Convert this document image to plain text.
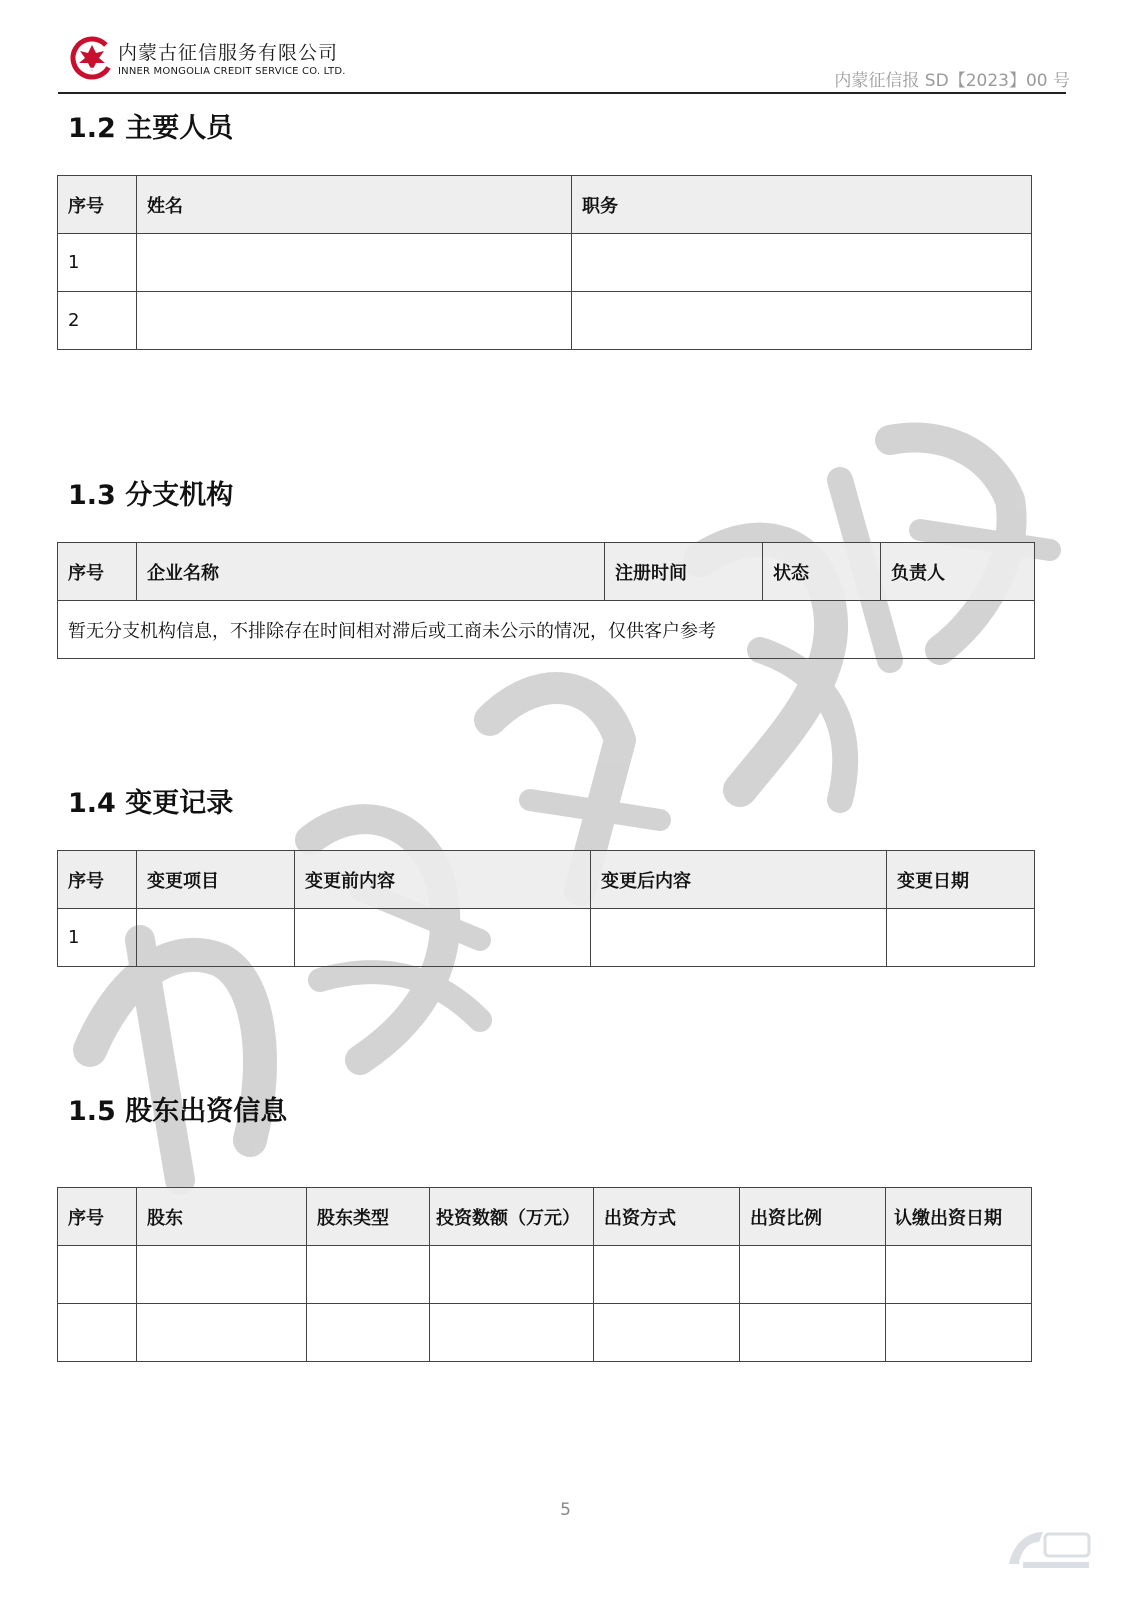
内蒙古征信服务有限公司
INNER MONGOLIA CREDIT SERVICE CO. LTD.	内蒙征信报 SD【2023】00 号
1.2 主要人员
序号	姓名	职务
1		
2		
1.3 分支机构
序号	企业名称	注册时间	状态	负责人
暂无分支机构信息，不排除存在时间相对滞后或工商未公示的情况，仅供客户参考
1.4 变更记录
序号	变更项目	变更前内容	变更后内容	变更日期
1				
1.5 股东出资信息
序号	股东	股东类型	投资数额（万元）	出资方式	出资比例	认缴出资日期

5
